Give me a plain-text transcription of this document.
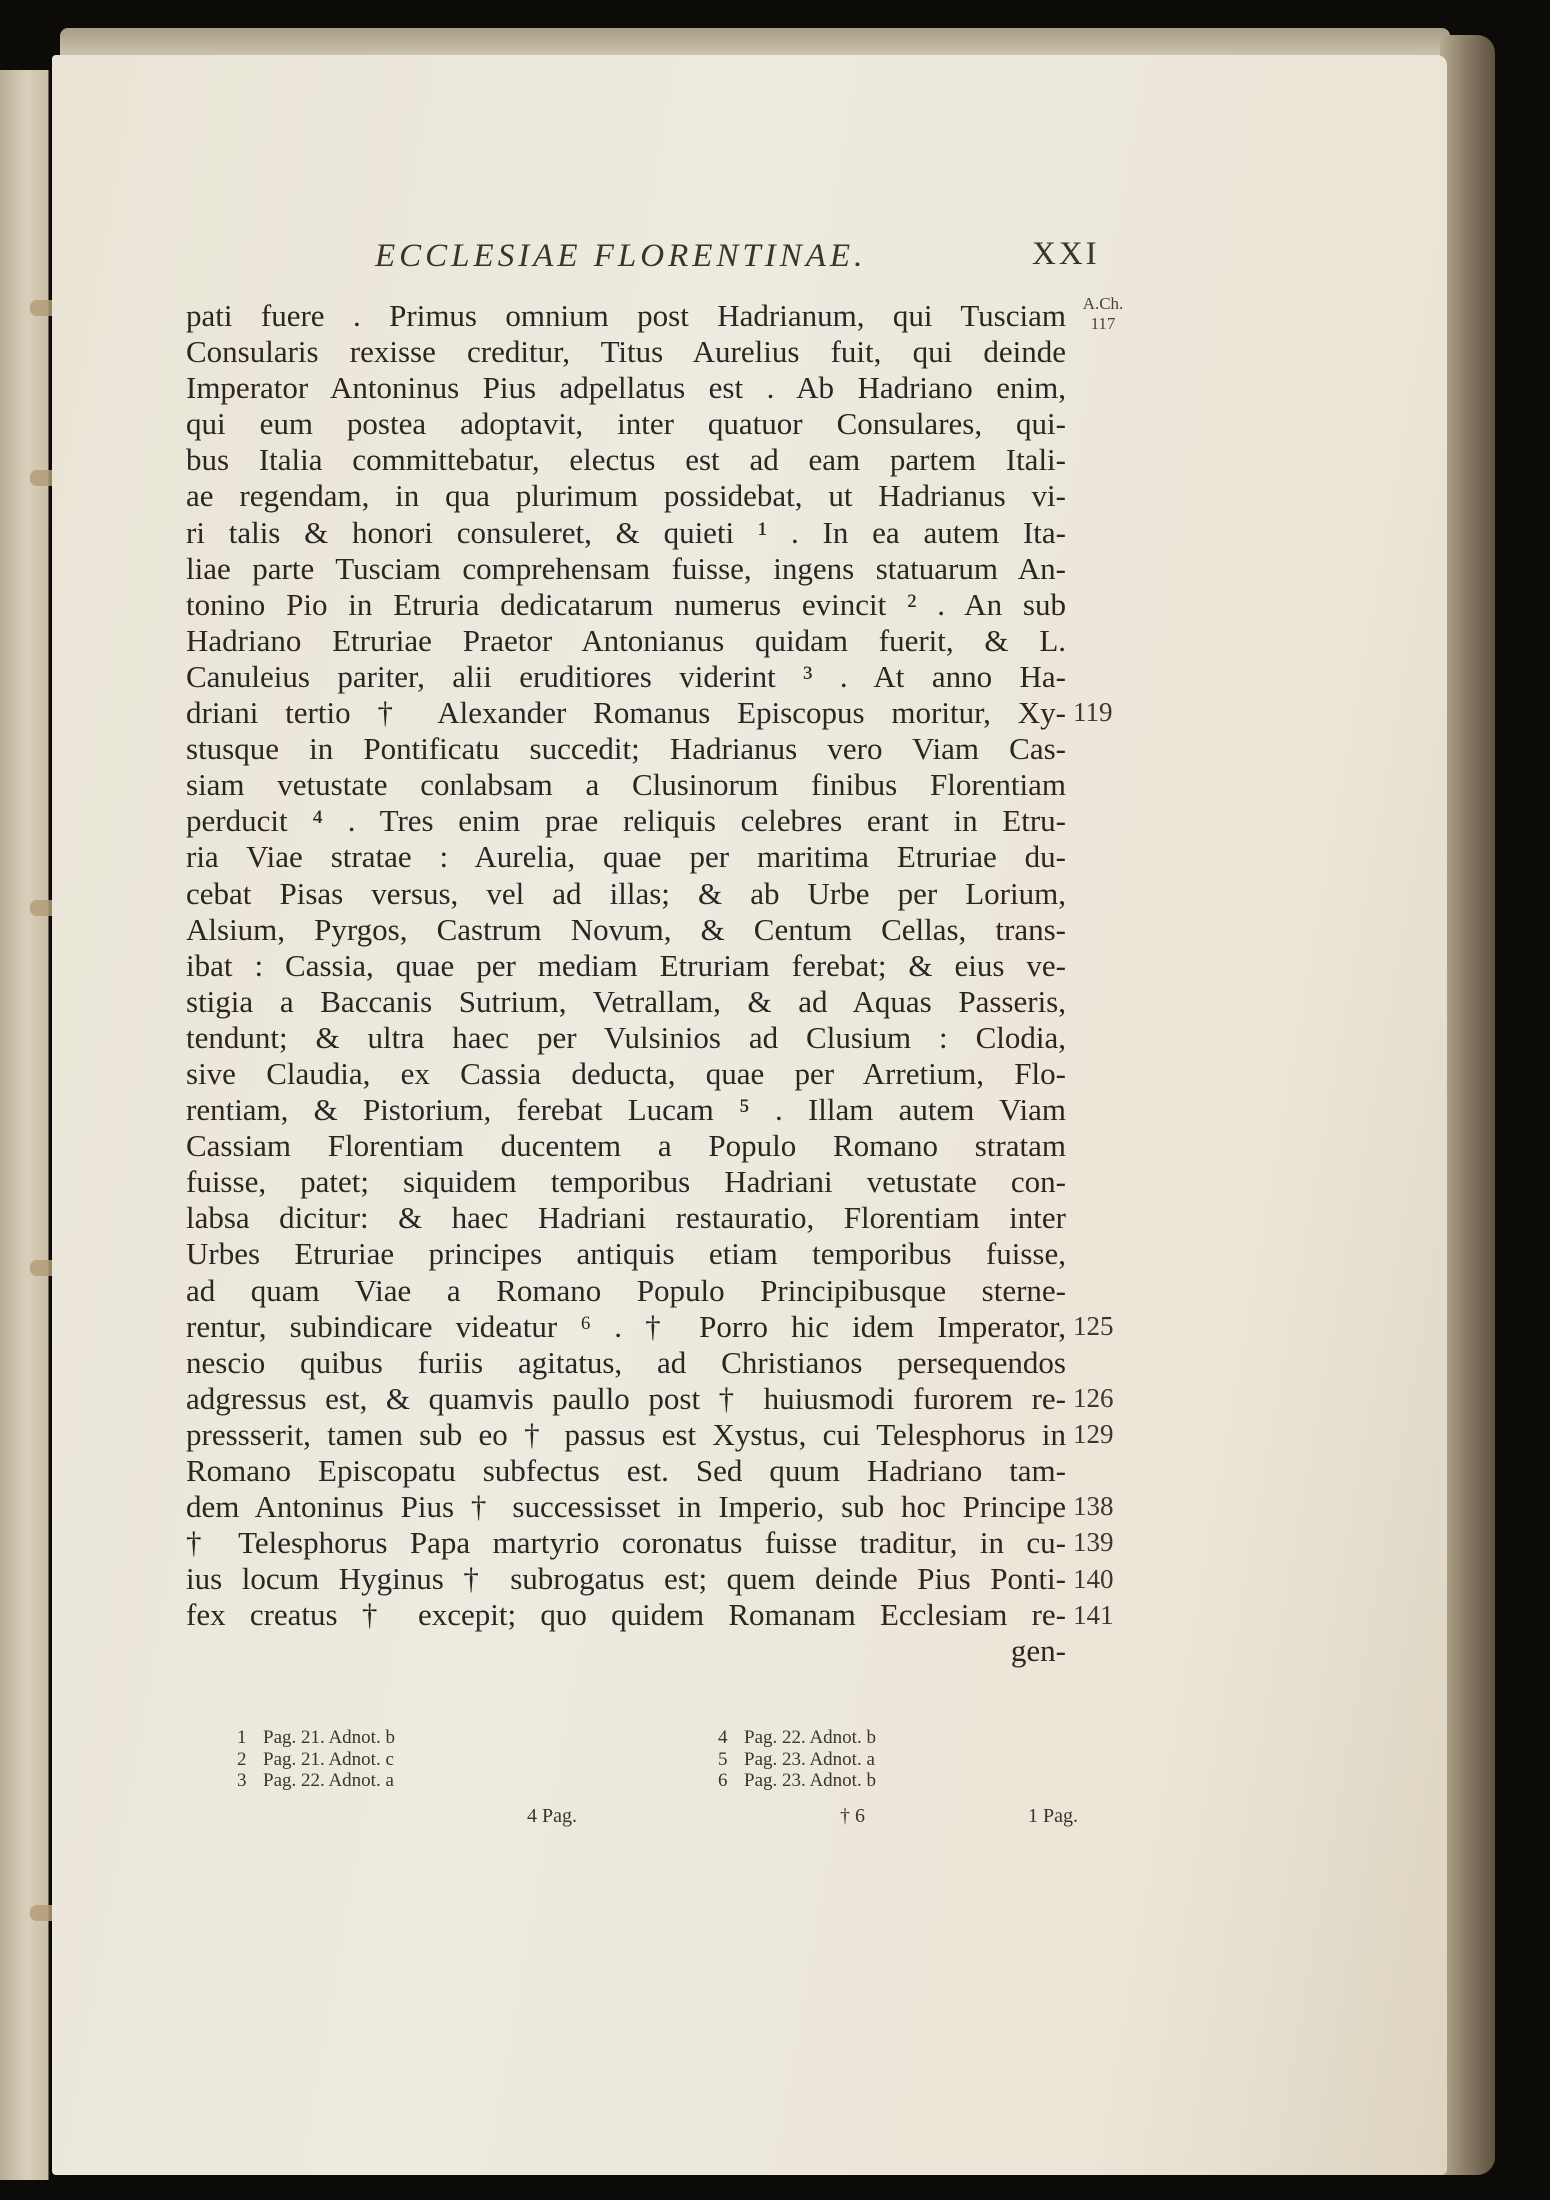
ECCLESIAE FLORENTINAE.	XXI
A.Ch.
117
pati fuere . Primus omnium post Hadrianum, qui Tusciam
Consularis rexisse creditur, Titus Aurelius fuit, qui deinde
Imperator Antoninus Pius adpellatus est . Ab Hadriano enim,
qui eum postea adoptavit, inter quatuor Consulares, qui-
bus Italia committebatur, electus est ad eam partem Itali-
ae regendam, in qua plurimum possidebat, ut Hadrianus vi-
ri talis & honori consuleret, & quieti ¹ . In ea autem Ita-
liae parte Tusciam comprehensam fuisse, ingens statuarum An-
tonino Pio in Etruria dedicatarum numerus evincit ² . An sub
Hadriano Etruriae Praetor Antonianus quidam fuerit, & L.
Canuleius pariter, alii eruditiores viderint ³ . At anno Ha-
driani tertio † Alexander Romanus Episcopus moritur, Xy-
stusque in Pontificatu succedit; Hadrianus vero Viam Cas-
siam vetustate conlabsam a Clusinorum finibus Florentiam
perducit ⁴ . Tres enim prae reliquis celebres erant in Etru-
ria Viae stratae : Aurelia, quae per maritima Etruriae du-
cebat Pisas versus, vel ad illas; & ab Urbe per Lorium,
Alsium, Pyrgos, Castrum Novum, & Centum Cellas, trans-
ibat : Cassia, quae per mediam Etruriam ferebat; & eius ve-
stigia a Baccanis Sutrium, Vetrallam, & ad Aquas Passeris,
tendunt; & ultra haec per Vulsinios ad Clusium : Clodia,
sive Claudia, ex Cassia deducta, quae per Arretium, Flo-
rentiam, & Pistorium, ferebat Lucam ⁵ . Illam autem Viam
Cassiam Florentiam ducentem a Populo Romano stratam
fuisse, patet; siquidem temporibus Hadriani vetustate con-
labsa dicitur: & haec Hadriani restauratio, Florentiam inter
Urbes Etruriae principes antiquis etiam temporibus fuisse,
ad quam Viae a Romano Populo Principibusque sterne-
rentur, subindicare videatur ⁶ . † Porro hic idem Imperator,
nescio quibus furiis agitatus, ad Christianos persequendos
adgressus est, & quamvis paullo post † huiusmodi furorem re-
pressserit, tamen sub eo † passus est Xystus, cui Telesphorus in
Romano Episcopatu subfectus est. Sed quum Hadriano tam-
dem Antoninus Pius † successisset in Imperio, sub hoc Principe
† Telesphorus Papa martyrio coronatus fuisse traditur, in cu-
ius locum Hyginus † subrogatus est; quem deinde Pius Ponti-
fex creatus † excepit; quo quidem Romanam Ecclesiam re-
gen-
119
125
126
129
138
139
140
141
1 Pag. 21. Adnot. b
2 Pag. 21. Adnot. c
3 Pag. 22. Adnot. a
4 Pag. 22. Adnot. b
5 Pag. 23. Adnot. a
6 Pag. 23. Adnot. b
4 Pag.	† 6	1 Pag.
